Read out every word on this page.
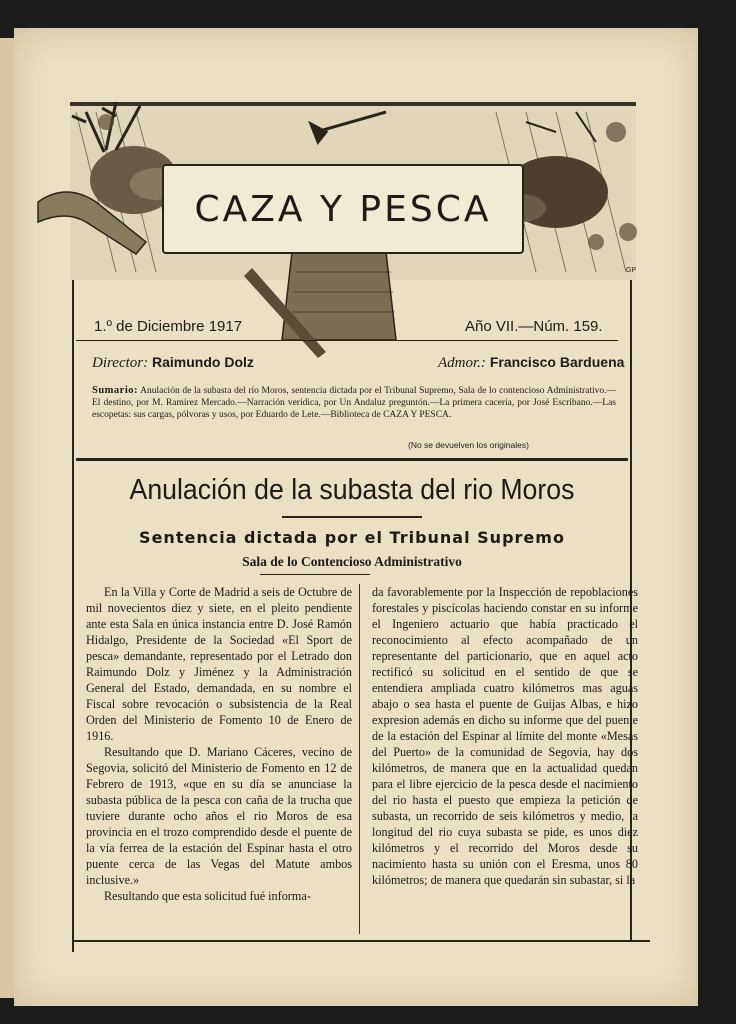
GP
CAZA Y PESCA
1.º de Diciembre 1917	Año VII.—Núm. 159.
Director: Raimundo Dolz	Admor.: Francisco Barduena
Sumario: Anulación de la subasta del río Moros, sentencia dictada por el Tribunal Supremo, Sala de lo contencioso Administrativo.— El destino, por M. Ramírez Mercado.—Narración verídica, por Un Andaluz preguntón.—La primera cacería, por José Escribano.—Las escopetas: sus cargas, pólvoras y usos, por Eduardo de Lete.—Biblioteca de CAZA Y PESCA.
(No se devuelven los originales)
Anulación de la subasta del rio Moros
Sentencia dictada por el Tribunal Supremo
Sala de lo Contencioso Administrativo

En la Villa y Corte de Madrid a seis de Octubre de mil novecientos diez y siete, en el pleito pendiente ante esta Sala en única instancia entre D. José Ramón Hidalgo, Presidente de la Sociedad «El Sport de pesca» demandante, representado por el Letrado don Raimundo Dolz y Jiménez y la Administración General del Estado, demandada, en su nombre el Fiscal sobre revocación o subsistencia de la Real Orden del Ministerio de Fomento 10 de Enero de 1916.

Resultando que D. Mariano Cáceres, vecino de Segovia, solicitó del Ministerio de Fomento en 12 de Febrero de 1913, «que en su día se anunciase la subasta pública de la pesca con caña de la trucha que tuviere durante ocho años el rio Moros de esa provincia en el trozo comprendido desde el puente de la vía ferrea de la estación del Espinar hasta el otro puente cerca de las Vegas del Matute ambos inclusive.»

Resultando que esta solicitud fué informa-

da favorablemente por la Inspección de repoblaciones forestales y piscícolas haciendo constar en su informe el Ingeniero actuario que había practicado el reconocimiento al efecto acompañado de un representante del particionario, que en aquel acto rectificó su solicitud en el sentido de que se entendiera ampliada cuatro kilómetros mas aguas abajo o sea hasta el puente de Guijas Albas, e hizo expresion además en dicho su informe que del puente de la estación del Espinar al límite del monte «Mesas del Puerto» de la comunidad de Segovia, hay dos kilómetros, de manera que en la actualidad quedan para el libre ejercicio de la pesca desde el nacimiento del rio hasta el puesto que empieza la petición de subasta, un recorrido de seis kilómetros y medio, la longitud del rio cuya subasta se pide, es unos diez kilómetros y el recorrido del Moros desde su nacimiento hasta su unión con el Eresma, unos 80 kilómetros; de manera que quedarán sin subastar, si la
